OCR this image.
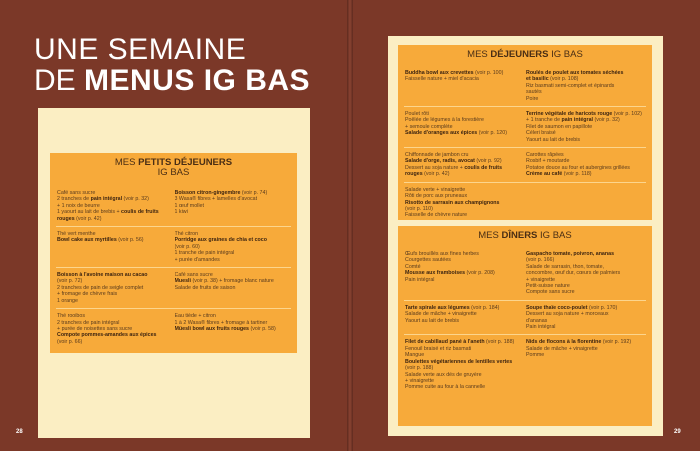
UNE SEMAINE
DE MENUS IG BAS
28	29
MES PETITS DÉJEUNERS
IG BAS
Café sans sucre
2 tranches de pain intégral (voir p. 32)
+ 1 noix de beurre
1 yaourt au lait de brebis + coulis de fruits
rouges (voir p. 42)
Boisson citron-gingembre (voir p. 74)
3 Wasa® fibres + lamelles d'avocat
1 œuf mollet
1 kiwi
Thé vert menthe
Bowl cake aux myrtilles (voir p. 56)
Thé citron
Porridge aux graines de chia et coco
(voir p. 60)
1 tranche de pain intégral
+ purée d'amandes
Boisson à l'avoine maison au cacao
(voir p. 72)
2 tranches de pain de seigle complet
+ fromage de chèvre frais
1 orange
Café sans sucre
Muesli (voir p. 38) + fromage blanc nature
Salade de fruits de saison
Thé rooibos
2 tranches de pain intégral
+ purée de noisettes sans sucre
Compote pommes-amandes aux épices
(voir p. 66)
Eau tiède + citron
1 à 2 Wasa® fibres + fromage à tartiner
Müesli bowl aux fruits rouges (voir p. 58)
MES DÉJEUNERS IG BAS
Buddha bowl aux crevettes (voir p. 100)
Faisselle nature + miel d'acacia
Roulés de poulet aux tomates séchées
et basilic (voir p. 108)
Riz basmati semi-complet et épinards
sautés
Poire
Poulet rôti
Poêlée de légumes à la forestière
+ semoule complète
Salade d'oranges aux épices (voir p. 120)
Terrine végétale de haricots rouge (voir p. 102)
+ 1 tranche de pain intégral (voir p. 32)
Filet de saumon en papillote
Céleri braisé
Yaourt au lait de brebis
Chiffonnade de jambon cru
Salade d'orge, radis, avocat (voir p. 92)
Dessert au soja nature + coulis de fruits
rouges (voir p. 42)
Carottes râpées
Rosbif + moutarde
Potatoe douce au four et aubergines grillées
Crème au café (voir p. 118)
Salade verte + vinaigrette
Rôti de porc aux pruneaux
Risotto de sarrasin aux champignons
(voir p. 110)
Faisselle de chèvre nature
MES DÎNERS IG BAS
Œufs brouillés aux fines herbes
Courgettes sautées
Comté
Mousse aux framboises (voir p. 208)
Pain intégral
Gaspacho tomate, poivron, ananas
(voir p. 166)
Salade de sarrasin, thon, tomate,
concombre, œuf dur, cœurs de palmiers
+ vinaigrette
Petit-suisse nature
Compote sans sucre
Tarte spirale aux légumes (voir p. 184)
Salade de mâche + vinaigrette
Yaourt au lait de brebis
Soupe thaïe coco-poulet (voir p. 170)
Dessert au soja nature + morceaux
d'ananas
Pain intégral
Filet de cabillaud pané à l'aneth (voir p. 188)
Fenouil braisé et riz basmati
Mangue
Boulettes végétariennes de lentilles vertes
(voir p. 188)
Salade verte aux dés de gruyère
+ vinaigrette
Pomme cuite au four à la cannelle
Nids de flocons à la florentine (voir p. 192)
Salade de mâche + vinaigrette
Pomme
